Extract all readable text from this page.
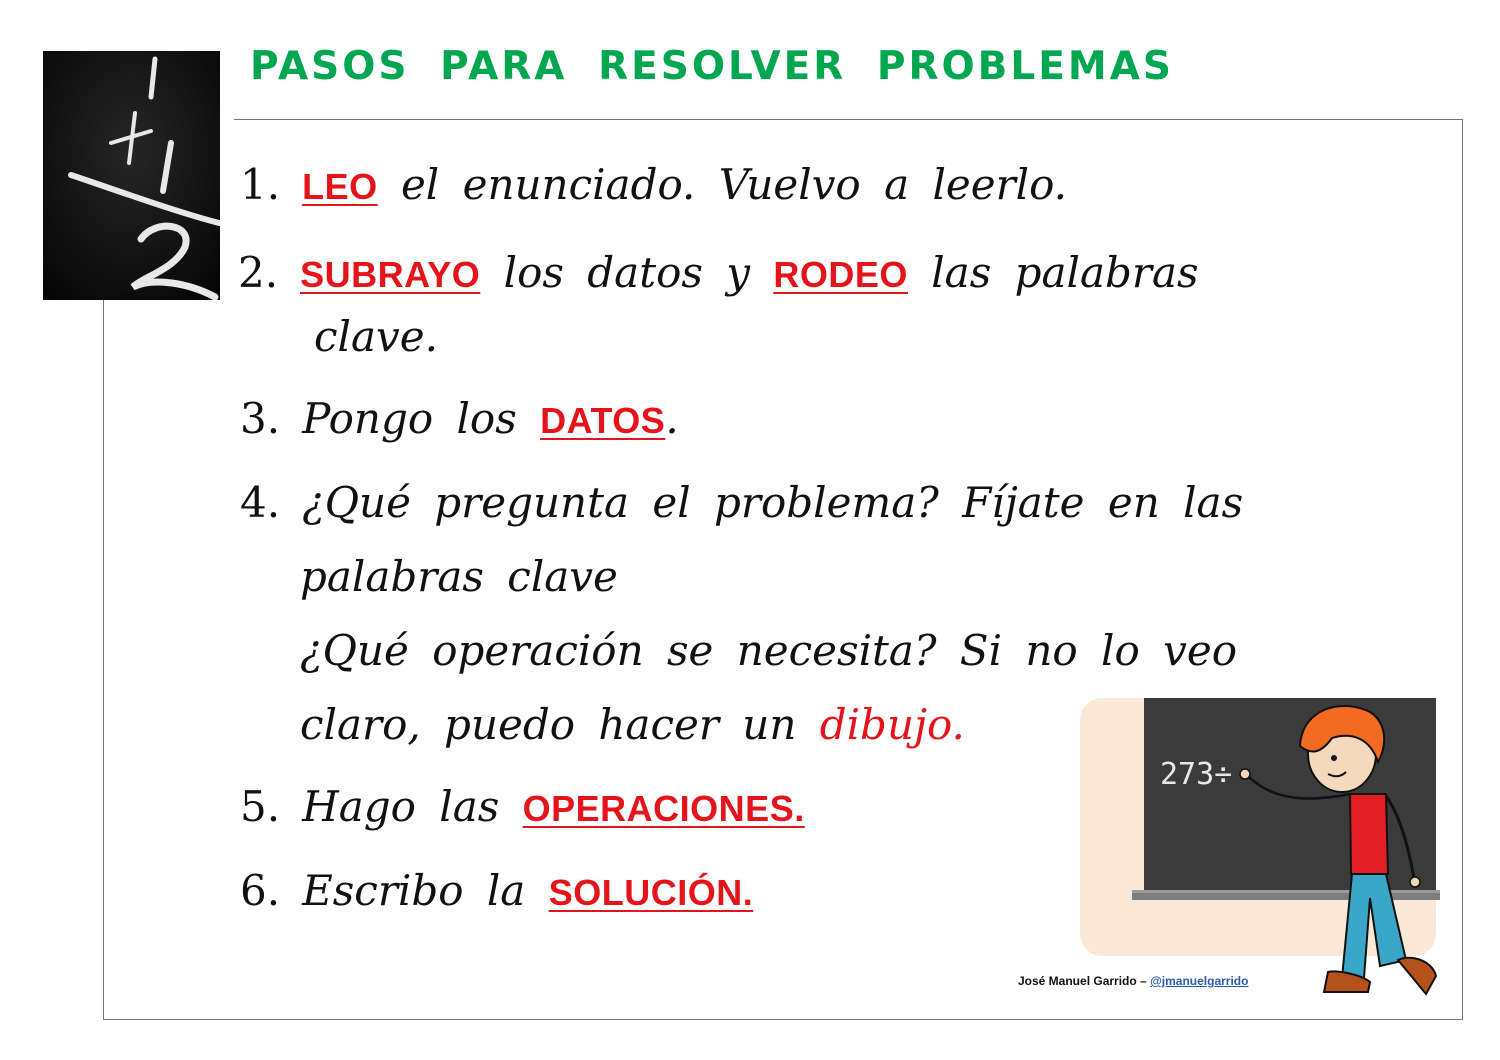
PASOS PARA RESOLVER PROBLEMAS
1. LEO el enunciado. Vuelvo a leerlo.
2. SUBRAYO los datos y RODEO las palabras
clave.
3. Pongo los DATOS.
4. ¿Qué pregunta el problema? Fíjate en las
palabras clave
¿Qué operación se necesita? Si no lo veo
claro, puedo hacer un dibujo.
5. Hago las OPERACIONES.
6. Escribo la SOLUCIÓN.
273÷
José Manuel Garrido – @jmanuelgarrido
